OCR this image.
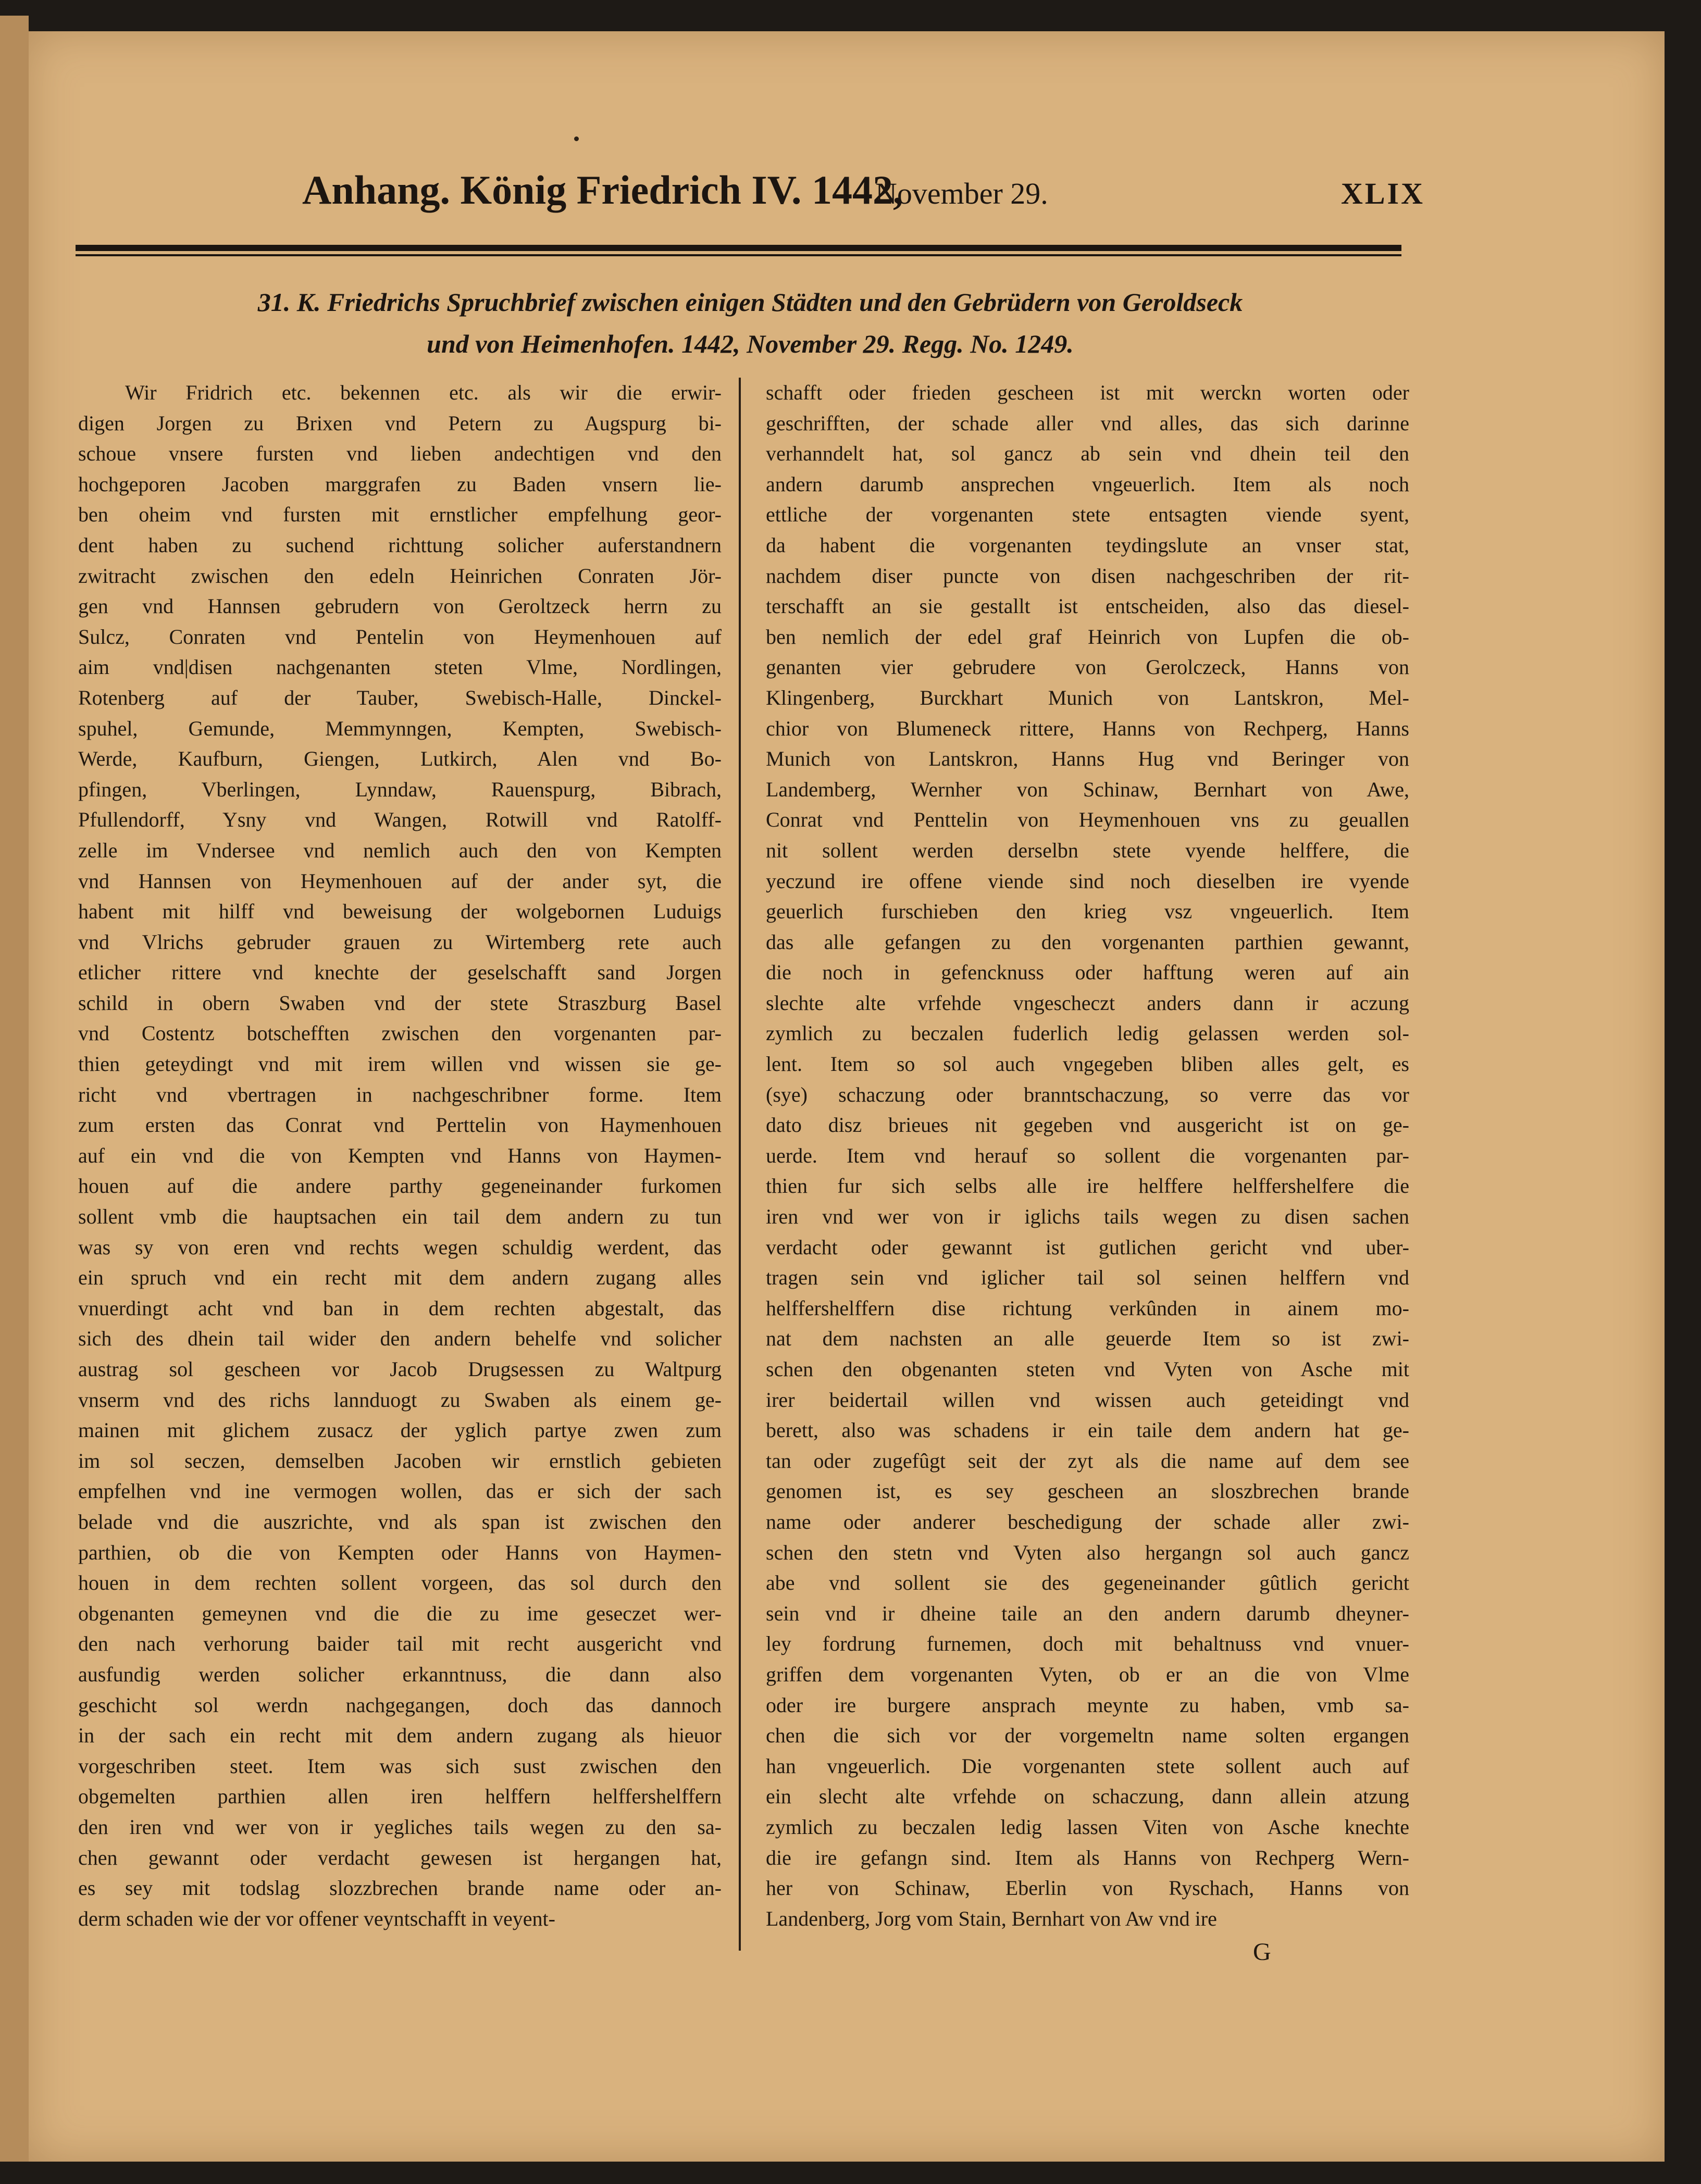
Anhang. König Friedrich IV. 1442,
November 29.	XLIX
31. K. Friedrichs Spruchbrief zwischen einigen Städten und den Gebrüdern von Geroldseck
und von Heimenhofen. 1442, November 29. Regg. No. 1249.
Wir Fridrich etc. bekennen etc. als wir die erwir-
digen Jorgen zu Brixen vnd Petern zu Augspurg bi-
schoue vnsere fursten vnd lieben andechtigen vnd den
hochgeporen Jacoben marggrafen zu Baden vnsern lie-
ben oheim vnd fursten mit ernstlicher empfelhung geor-
dent haben zu suchend richttung solicher auferstandnern
zwitracht zwischen den edeln Heinrichen Conraten Jör-
gen vnd Hannsen gebrudern von Geroltzeck herrn zu
Sulcz, Conraten vnd Pentelin von Heymenhouen auf
aim vnd|disen nachgenanten steten Vlme, Nordlingen,
Rotenberg auf der Tauber, Swebisch-Halle, Dinckel-
spuhel, Gemunde, Memmynngen, Kempten, Swebisch-
Werde, Kaufburn, Giengen, Lutkirch, Alen vnd Bo-
pfingen, Vberlingen, Lynndaw, Rauenspurg, Bibrach,
Pfullendorff, Ysny vnd Wangen, Rotwill vnd Ratolff-
zelle im Vndersee vnd nemlich auch den von Kempten
vnd Hannsen von Heymenhouen auf der ander syt, die
habent mit hilff vnd beweisung der wolgebornen Luduigs
vnd Vlrichs gebruder grauen zu Wirtemberg rete auch
etlicher rittere vnd knechte der geselschafft sand Jorgen
schild in obern Swaben vnd der stete Straszburg Basel
vnd Costentz botschefften zwischen den vorgenanten par-
thien geteydingt vnd mit irem willen vnd wissen sie ge-
richt vnd vbertragen in nachgeschribner forme. Item
zum ersten das Conrat vnd Perttelin von Haymenhouen
auf ein vnd die von Kempten vnd Hanns von Haymen-
houen auf die andere parthy gegeneinander furkomen
sollent vmb die hauptsachen ein tail dem andern zu tun
was sy von eren vnd rechts wegen schuldig werdent, das
ein spruch vnd ein recht mit dem andern zugang alles
vnuerdingt acht vnd ban in dem rechten abgestalt, das
sich des dhein tail wider den andern behelfe vnd solicher
austrag sol gescheen vor Jacob Drugsessen zu Waltpurg
vnserm vnd des richs lannduogt zu Swaben als einem ge-
mainen mit glichem zusacz der yglich partye zwen zum
im sol seczen, demselben Jacoben wir ernstlich gebieten
empfelhen vnd ine vermogen wollen, das er sich der sach
belade vnd die auszrichte, vnd als span ist zwischen den
parthien, ob die von Kempten oder Hanns von Haymen-
houen in dem rechten sollent vorgeen, das sol durch den
obgenanten gemeynen vnd die die zu ime geseczet wer-
den nach verhorung baider tail mit recht ausgericht vnd
ausfundig werden solicher erkanntnuss, die dann also
geschicht sol werdn nachgegangen, doch das dannoch
in der sach ein recht mit dem andern zugang als hieuor
vorgeschriben steet. Item was sich sust zwischen den
obgemelten parthien allen iren helffern helffershelffern
den iren vnd wer von ir yegliches tails wegen zu den sa-
chen gewannt oder verdacht gewesen ist hergangen hat,
es sey mit todslag slozzbrechen brande name oder an-
derm schaden wie der vor offener veyntschafft in veyent-
schafft oder frieden gescheen ist mit werckn worten oder
geschrifften, der schade aller vnd alles, das sich darinne
verhanndelt hat, sol gancz ab sein vnd dhein teil den
andern darumb ansprechen vngeuerlich. Item als noch
ettliche der vorgenanten stete entsagten viende syent,
da habent die vorgenanten teydingslute an vnser stat,
nachdem diser puncte von disen nachgeschriben der rit-
terschafft an sie gestallt ist entscheiden, also das diesel-
ben nemlich der edel graf Heinrich von Lupfen die ob-
genanten vier gebrudere von Gerolczeck, Hanns von
Klingenberg, Burckhart Munich von Lantskron, Mel-
chior von Blumeneck rittere, Hanns von Rechperg, Hanns
Munich von Lantskron, Hanns Hug vnd Beringer von
Landemberg, Wernher von Schinaw, Bernhart von Awe,
Conrat vnd Penttelin von Heymenhouen vns zu geuallen
nit sollent werden derselbn stete vyende helffere, die
yeczund ire offene viende sind noch dieselben ire vyende
geuerlich furschieben den krieg vsz vngeuerlich. Item
das alle gefangen zu den vorgenanten parthien gewannt,
die noch in gefencknuss oder hafftung weren auf ain
slechte alte vrfehde vngescheczt anders dann ir aczung
zymlich zu beczalen fuderlich ledig gelassen werden sol-
lent. Item so sol auch vngegeben bliben alles gelt, es
(sye) schaczung oder branntschaczung, so verre das vor
dato disz brieues nit gegeben vnd ausgericht ist on ge-
uerde. Item vnd herauf so sollent die vorgenanten par-
thien fur sich selbs alle ire helffere helffershelfere die
iren vnd wer von ir iglichs tails wegen zu disen sachen
verdacht oder gewannt ist gutlichen gericht vnd uber-
tragen sein vnd iglicher tail sol seinen helffern vnd
helffershelffern dise richtung verkûnden in ainem mo-
nat dem nachsten an alle geuerde Item so ist zwi-
schen den obgenanten steten vnd Vyten von Asche mit
irer beidertail willen vnd wissen auch geteidingt vnd
berett, also was schadens ir ein taile dem andern hat ge-
tan oder zugefûgt seit der zyt als die name auf dem see
genomen ist, es sey gescheen an sloszbrechen brande
name oder anderer beschedigung der schade aller zwi-
schen den stetn vnd Vyten also hergangn sol auch gancz
abe vnd sollent sie des gegeneinander gûtlich gericht
sein vnd ir dheine taile an den andern darumb dheyner-
ley fordrung furnemen, doch mit behaltnuss vnd vnuer-
griffen dem vorgenanten Vyten, ob er an die von Vlme
oder ire burgere ansprach meynte zu haben, vmb sa-
chen die sich vor der vorgemeltn name solten ergangen
han vngeuerlich. Die vorgenanten stete sollent auch auf
ein slecht alte vrfehde on schaczung, dann allein atzung
zymlich zu beczalen ledig lassen Viten von Asche knechte
die ire gefangn sind. Item als Hanns von Rechperg Wern-
her von Schinaw, Eberlin von Ryschach, Hanns von
Landenberg, Jorg vom Stain, Bernhart von Aw vnd ire
G
